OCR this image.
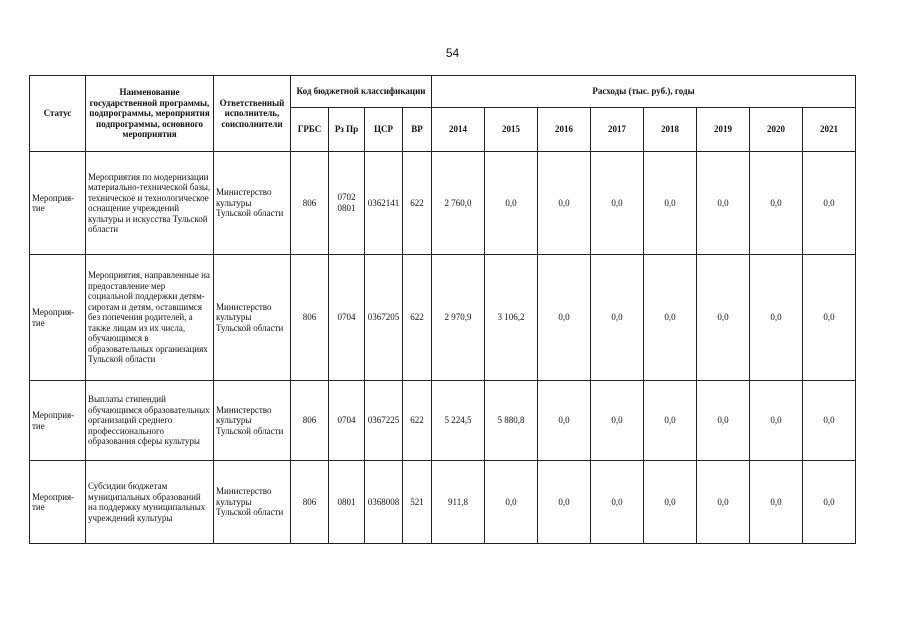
54
Статус	Наименование государственной программы, подпрограммы, мероприятия подпрограммы, основного мероприятия	Ответственный исполнитель, соисполнители	Код бюджетной классификации				Расходы (тыс. руб.), годы							
			ГРБС	Рз Пр	ЦСР	ВР	2014	2015	2016	2017	2018	2019	2020	2021
Мероприя-тие	Мероприятия по модернизации материально-технической базы, техническое и технологическое оснащение учреждений культуры и искусства Тульской области	Министерство культуры Тульской области	806	0702 0801	0362141	622	2 760,0	0,0	0,0	0,0	0,0	0,0	0,0	0,0
Мероприя-тие	Мероприятия, направленные на предоставление мер социальной поддержки детям-сиротам и детям, оставшимся без попечения родителей, а также лицам из их числа, обучающимся в образовательных организациях Тульской области	Министерство культуры Тульской области	806	0704	0367205	622	2 970,9	3 106,2	0,0	0,0	0,0	0,0	0,0	0,0
Мероприя-тие	Выплаты стипендий обучающимся образовательных организаций среднего профессионального образования сферы культуры	Министерство культуры Тульской области	806	0704	0367225	622	5 224,5	5 880,8	0,0	0,0	0,0	0,0	0,0	0,0
Мероприя-тие	Субсидии бюджетам муниципальных образований на поддержку муниципальных учреждений культуры	Министерство культуры Тульской области	806	0801	0368008	521	911,8	0,0	0,0	0,0	0,0	0,0	0,0	0,0
